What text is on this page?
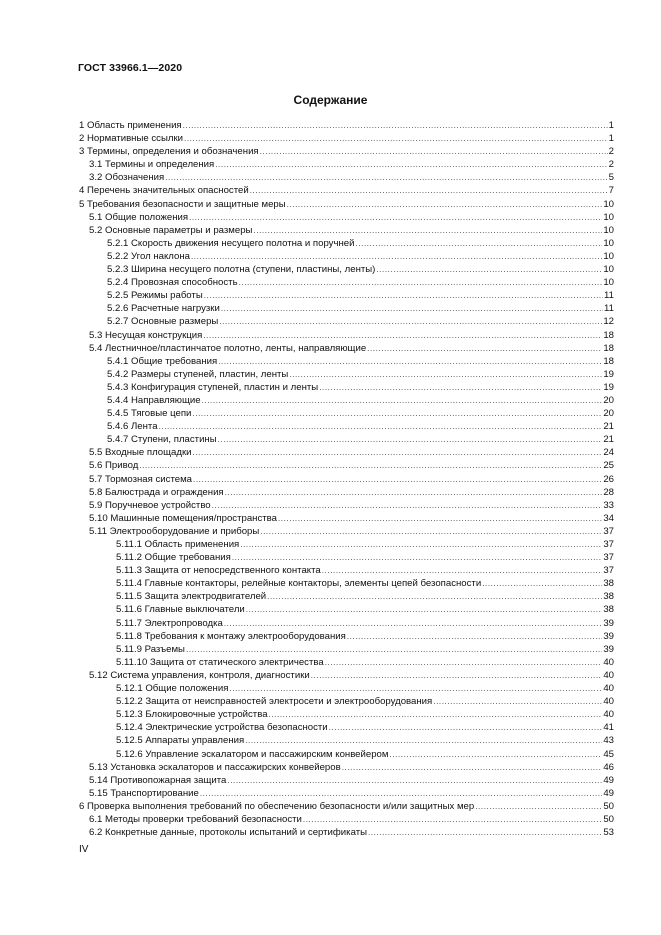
ГОСТ 33966.1—2020
Содержание
1 Область применения .....	1
2 Нормативные ссылки .....	1
3 Термины, определения и обозначения .....	2
3.1 Термины и определения .....	2
3.2 Обозначения .....	5
4 Перечень значительных опасностей .....	7
5 Требования безопасности и защитные меры .....	10
5.1 Общие положения .....	10
5.2 Основные параметры и размеры .....	10
5.2.1 Скорость движения несущего полотна и поручней .....	10
5.2.2 Угол наклона .....	10
5.2.3 Ширина несущего полотна (ступени, пластины, ленты) .....	10
5.2.4 Провозная способность .....	10
5.2.5 Режимы работы .....	11
5.2.6 Расчетные нагрузки .....	11
5.2.7 Основные размеры .....	12
5.3 Несущая конструкция .....	18
5.4 Лестничное/пластинчатое полотно, ленты, направляющие .....	18
5.4.1 Общие требования .....	18
5.4.2 Размеры ступеней, пластин, ленты .....	19
5.4.3 Конфигурация ступеней, пластин и ленты .....	19
5.4.4 Направляющие .....	20
5.4.5 Тяговые цепи .....	20
5.4.6 Лента .....	21
5.4.7 Ступени, пластины .....	21
5.5 Входные площадки .....	24
5.6 Привод .....	25
5.7 Тормозная система .....	26
5.8 Балюстрада и ограждения .....	28
5.9 Поручневое устройство .....	33
5.10 Машинные помещения/пространства .....	34
5.11 Электрооборудование и приборы .....	37
5.11.1 Область применения .....	37
5.11.2 Общие требования .....	37
5.11.3 Защита от непосредственного контакта .....	37
5.11.4 Главные контакторы, релейные контакторы, элементы цепей безопасности .....	38
5.11.5 Защита электродвигателей .....	38
5.11.6 Главные выключатели .....	38
5.11.7 Электропроводка .....	39
5.11.8 Требования к монтажу электрооборудования .....	39
5.11.9 Разъемы .....	39
5.11.10 Защита от статического электричества .....	40
5.12 Система управления, контроля, диагностики .....	40
5.12.1 Общие положения .....	40
5.12.2 Защита от неисправностей электросети и электрооборудования .....	40
5.12.3 Блокировочные устройства .....	40
5.12.4 Электрические устройства безопасности .....	41
5.12.5 Аппараты управления .....	43
5.12.6 Управление эскалатором и пассажирским конвейером .....	45
5.13 Установка эскалаторов и пассажирских конвейеров .....	46
5.14 Противопожарная защита .....	49
5.15 Транспортирование .....	49
6 Проверка выполнения требований по обеспечению безопасности и/или защитных мер .....	50
6.1 Методы проверки требований безопасности .....	50
6.2 Конкретные данные, протоколы испытаний и сертификаты .....	53
IV
